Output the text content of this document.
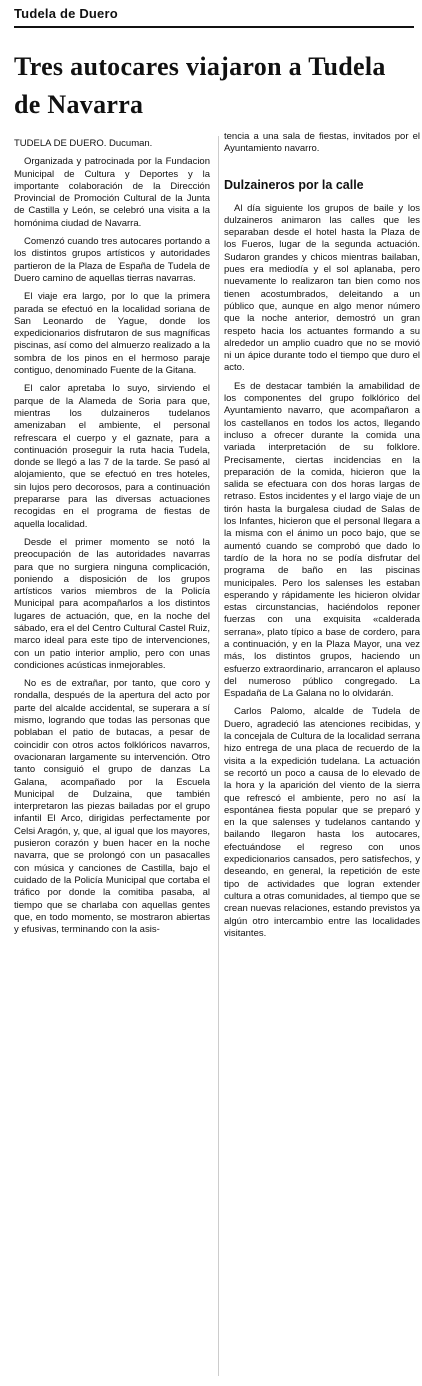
Tudela de Duero
Tres autocares viajaron a Tudela de Navarra

TUDELA DE DUERO. Ducuman.

Organizada y patrocinada por la Fundacion Municipal de Cultura y Deportes y la importante colaboración de la Dirección Provincial de Promoción Cultural de la Junta de Castilla y León, se celebró una visita a la homónima ciudad de Navarra.

Comenzó cuando tres autocares portando a los distintos grupos artísticos y autoridades partieron de la Plaza de España de Tudela de Duero camino de aquellas tierras navarras.

El viaje era largo, por lo que la primera parada se efectuó en la localidad soriana de San Leonardo de Yague, donde los expedicionarios disfrutaron de sus magníficas piscinas, así como del almuerzo realizado a la sombra de los pinos en el hermoso paraje contiguo, denominado Fuente de la Gitana.

El calor apretaba lo suyo, sirviendo el parque de la Alameda de Soria para que, mientras los dulzaineros tudelanos amenizaban el ambiente, el personal refrescara el cuerpo y el gaznate, para a continuación proseguir la ruta hacia Tudela, donde se llegó a las 7 de la tarde. Se pasó al alojamiento, que se efectuó en tres hoteles, sin lujos pero decorosos, para a continuación prepararse para las diversas actuaciones recogidas en el programa de fiestas de aquella localidad.

Desde el primer momento se notó la preocupación de las autoridades navarras para que no surgiera ninguna complicación, poniendo a disposición de los grupos artísticos varios miembros de la Policía Municipal para acompañarlos a los distintos lugares de actuación, que, en la noche del sábado, era el del Centro Cultural Castel Ruiz, marco ideal para este tipo de intervenciones, con un patio interior amplio, pero con unas condiciones acústicas inmejorables.

No es de extrañar, por tanto, que coro y rondalla, después de la apertura del acto por parte del alcalde accidental, se superara a sí mismo, logrando que todas las personas que poblaban el patio de butacas, a pesar de coincidir con otros actos folklóricos navarros, ovacionaran largamente su intervención. Otro tanto consiguió el grupo de danzas La Galana, acompañado por la Escuela Municipal de Dulzaina, que también interpretaron las piezas bailadas por el grupo infantil El Arco, dirigidas perfectamente por Celsi Aragón, y, que, al igual que los mayores, pusieron corazón y buen hacer en la noche navarra, que se prolongó con un pasacalles con música y canciones de Castilla, bajo el cuidado de la Policía Municipal que cortaba el tráfico por donde la comitiba pasaba, al tiempo que se charlaba con aquellas gentes que, en todo momento, se mostraron abiertas y efusivas, terminando con la asis-

tencia a una sala de fiestas, invitados por el Ayuntamiento navarro.

Dulzaineros por la calle

Al día siguiente los grupos de baile y los dulzaineros animaron las calles que les separaban desde el hotel hasta la Plaza de los Fueros, lugar de la segunda actuación. Sudaron grandes y chicos mientras bailaban, pues era mediodía y el sol aplanaba, pero nuevamente lo realizaron tan bien como nos tienen acostumbrados, deleitando a un público que, aunque en algo menor número que la noche anterior, demostró un gran respeto hacia los actuantes formando a su alrededor un amplio cuadro que no se movió ni un ápice durante todo el tiempo que duro el acto.

Es de destacar también la amabilidad de los componentes del grupo folklórico del Ayuntamiento navarro, que acompañaron a los castellanos en todos los actos, llegando incluso a ofrecer durante la comida una variada interpretación de su folklore. Precisamente, ciertas incidencias en la preparación de la comida, hicieron que la salida se efectuara con dos horas largas de retraso. Estos incidentes y el largo viaje de un tirón hasta la burgalesa ciudad de Salas de los Infantes, hicieron que el personal llegara a la misma con el ánimo un poco bajo, que se aumentó cuando se comprobó que dado lo tardío de la hora no se podía disfrutar del programa de baño en las piscinas municipales. Pero los salenses les estaban esperando y rápidamente les hicieron olvidar estas circunstancias, haciéndolos reponer fuerzas con una exquisita «calderada serrana», plato típico a base de cordero, para a continuación, y en la Plaza Mayor, una vez más, los distintos grupos, haciendo un esfuerzo extraordinario, arrancaron el aplauso del numeroso público congregado. La Espadaña de La Galana no lo olvidarán.

Carlos Palomo, alcalde de Tudela de Duero, agradeció las atenciones recibidas, y la concejala de Cultura de la localidad serrana hizo entrega de una placa de recuerdo de la visita a la expedición tudelana. La actuación se recortó un poco a causa de lo elevado de la hora y la aparición del viento de la sierra que refrescó el ambiente, pero no así la espontánea fiesta popular que se preparó y en la que salenses y tudelanos cantando y bailando llegaron hasta los autocares, efectuándose el regreso con unos expedicionarios cansados, pero satisfechos, y deseando, en general, la repetición de este tipo de actividades que logran extender cultura a otras comunidades, al tiempo que se crean nuevas relaciones, estando previstos ya algún otro intercambio entre las localidades visitantes.
